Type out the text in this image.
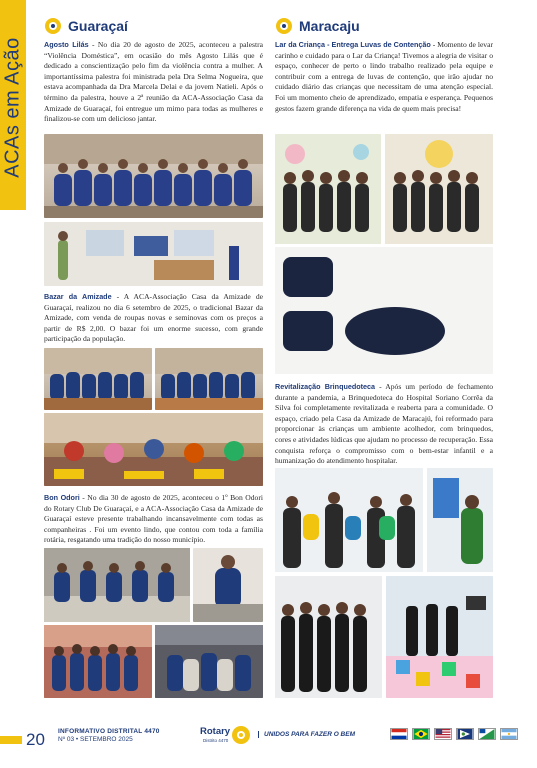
ACAs em Ação
Guaraçaí

Agosto Lilás - No dia 20 de agosto de 2025, aconteceu a palestra “Violência Doméstica”, em ocasião do mês Agosto Lilás que é dedicado a conscientização pelo fim da violência contra a mulher. A importantíssima palestra foi ministrada pela Dra Selma Nogueira, que estava acompanhada da Dra Marcela Delai e da jovem Natieli. Após o término da palestra, houve a 2ª reunião da ACA-Associação Casa da Amizade de Guaraçaí, foi entregue um mimo para todas as mulheres e finalizou-se com um delicioso jantar.

Bazar da Amizade - A ACA-Associação Casa da Amizade de Guaraçaí, realizou no dia 6 setembro de 2025, o tradicional Bazar da Amizade, com venda de roupas novas e seminovas com os preços a partir de R$ 2,00. O bazar foi um enorme sucesso, com grande participação da população.
Bon Odori - No dia 30 de agosto de 2025, aconteceu o 1º Bon Odori do Rotary Club De Guaraçaí, e a ACA-Associação Casa da Amizade de Guaraçaí esteve presente trabalhando incansavelmente com todas as companheiras . Foi um evento lindo, que contou com toda a família rotária, resgatando uma tradição do nosso município.
Maracaju

Lar da Criança - Entrega Luvas de Contenção - Momento de levar carinho e cuidado para o Lar da Criança! Tivemos a alegria de visitar o espaço, conhecer de perto o lindo trabalho realizado pela equipe e contribuir com a entrega de luvas de contenção, que irão ajudar no cuidado diário das crianças que necessitam de uma atenção especial. Foi um momento cheio de aprendizado, empatia e esperança. Pequenos gestos fazem grande diferença na vida de quem mais precisa!

Revitalização Brinquedoteca - Após um período de fechamento durante a pandemia, a Brinquedoteca do Hospital Soriano Corrêa da Silva foi completamente revitalizada e reaberta para a comunidade. O espaço, criado pela Casa da Amizade de Maracajú, foi reformado para proporcionar às crianças um ambiente acolhedor, com brinquedos, cores e atividades lúdicas que ajudam no processo de recuperação. Essa conquista reforça o compromisso com o bem-estar infantil e a humanização do atendimento hospitalar.
20 INFORMATIVO DISTRITAL 4470
Nº 03 • SETEMBRO 2025
Rotary
Distrito 4470
UNIDOS PARA FAZER O BEM
